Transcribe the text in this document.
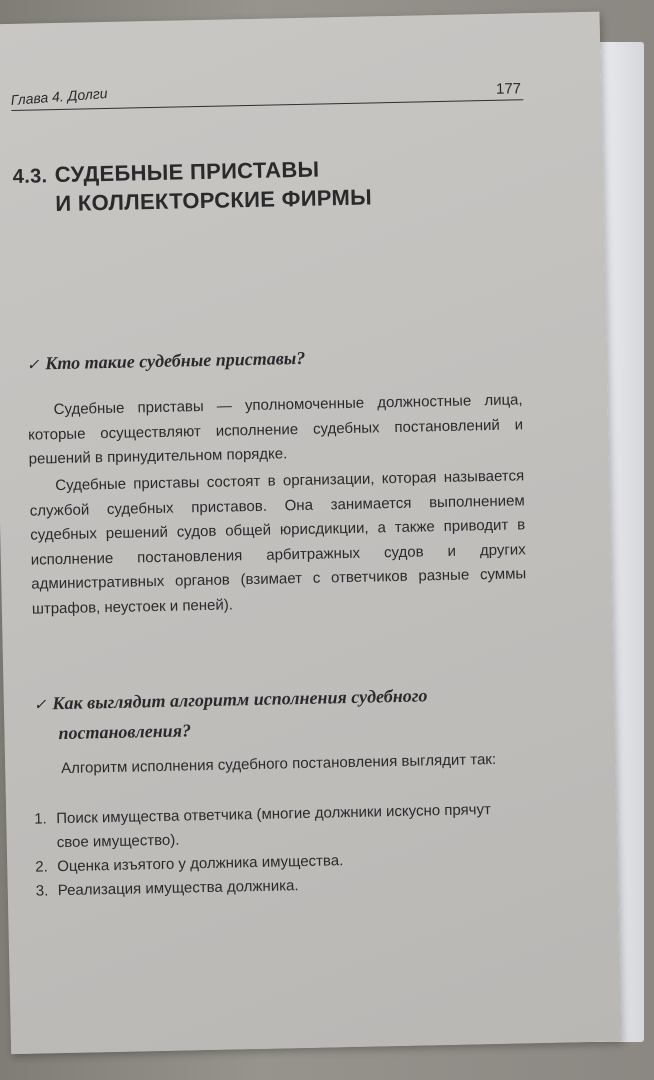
Глава 4. Долги	177
4.3. СУДЕБНЫЕ ПРИСТАВЫ
И КОЛЛЕКТОРСКИЕ ФИРМЫ
✓ Кто такие судебные приставы?

Судебные приставы — уполномоченные должностные лица, которые осуществляют исполнение судебных постановлений и решений в принудительном порядке.

Судебные приставы состоят в организации, которая называется службой судебных приставов. Она занимается выполнением судебных решений судов общей юрисдикции, а также приводит в исполнение постановления арбитражных судов и других административных органов (взимает с ответчиков разные суммы штрафов, неустоек и пеней).

✓ Как выглядит алгоритм исполнения судебного
постановления?

Алгоритм исполнения судебного постановления выглядит так:

1. Поиск имущества ответчика (многие должники искусно прячут свое имущество).
2. Оценка изъятого у должника имущества.
3. Реализация имущества должника.
